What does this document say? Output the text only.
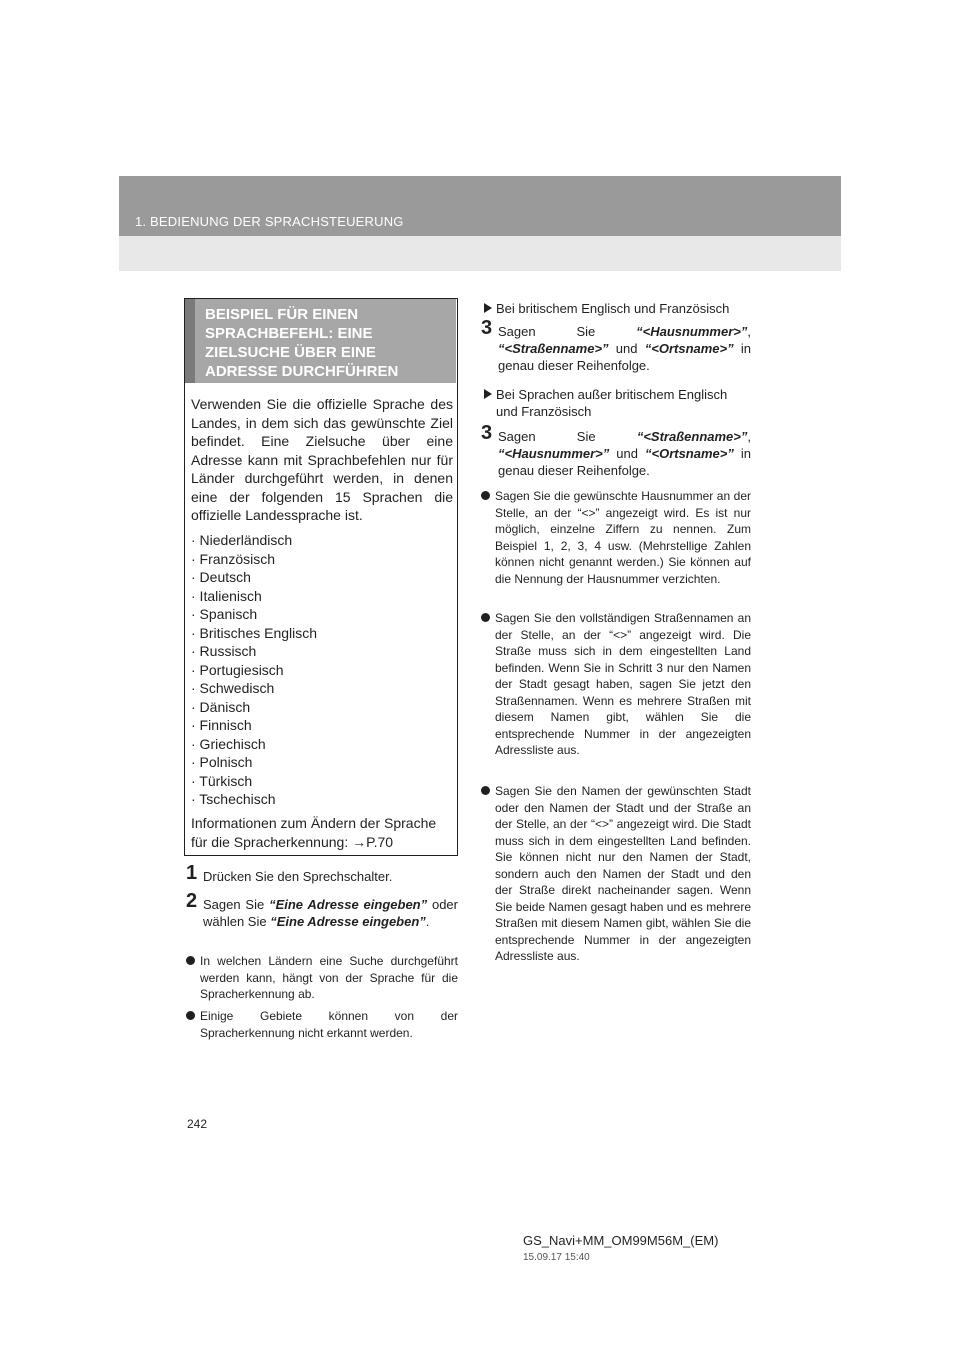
1. BEDIENUNG DER SPRACHSTEUERUNG
BEISPIEL FÜR EINEN SPRACHBEFEHL: EINE ZIELSUCHE ÜBER EINE ADRESSE DURCHFÜHREN
Verwenden Sie die offizielle Sprache des Landes, in dem sich das gewünschte Ziel befindet. Eine Zielsuche über eine Adresse kann mit Sprachbefehlen nur für Länder durchgeführt werden, in denen eine der folgenden 15 Sprachen die offizielle Landessprache ist.
· Niederländisch
· Französisch
· Deutsch
· Italienisch
· Spanisch
· Britisches Englisch
· Russisch
· Portugiesisch
· Schwedisch
· Dänisch
· Finnisch
· Griechisch
· Polnisch
· Türkisch
· Tschechisch
Informationen zum Ändern der Sprache für die Spracherkennung: →P.70
1 Drücken Sie den Sprechschalter.
2 Sagen Sie “Eine Adresse eingeben” oder wählen Sie “Eine Adresse eingeben”.
In welchen Ländern eine Suche durchgeführt werden kann, hängt von der Sprache für die Spracherkennung ab.
Einige Gebiete können von der Spracherkennung nicht erkannt werden.
Bei britischem Englisch und Französisch
3 Sagen Sie “<Hausnummer>”, “<Straßenname>” und “<Ortsname>” in genau dieser Reihenfolge.
Bei Sprachen außer britischem Englisch und Französisch
3 Sagen Sie “<Straßenname>”, “<Hausnummer>” und “<Ortsname>” in genau dieser Reihenfolge.
Sagen Sie die gewünschte Hausnummer an der Stelle, an der “<>” angezeigt wird. Es ist nur möglich, einzelne Ziffern zu nennen. Zum Beispiel 1, 2, 3, 4 usw. (Mehrstellige Zahlen können nicht genannt werden.) Sie können auf die Nennung der Hausnummer verzichten.
Sagen Sie den vollständigen Straßennamen an der Stelle, an der “<>” angezeigt wird. Die Straße muss sich in dem eingestellten Land befinden. Wenn Sie in Schritt 3 nur den Namen der Stadt gesagt haben, sagen Sie jetzt den Straßennamen. Wenn es mehrere Straßen mit diesem Namen gibt, wählen Sie die entsprechende Nummer in der angezeigten Adressliste aus.
Sagen Sie den Namen der gewünschten Stadt oder den Namen der Stadt und der Straße an der Stelle, an der “<>” angezeigt wird. Die Stadt muss sich in dem eingestellten Land befinden. Sie können nicht nur den Namen der Stadt, sondern auch den Namen der Stadt und den der Straße direkt nacheinander sagen. Wenn Sie beide Namen gesagt haben und es mehrere Straßen mit diesem Namen gibt, wählen Sie die entsprechende Nummer in der angezeigten Adressliste aus.
242
GS_Navi+MM_OM99M56M_(EM)
15.09.17 15:40
